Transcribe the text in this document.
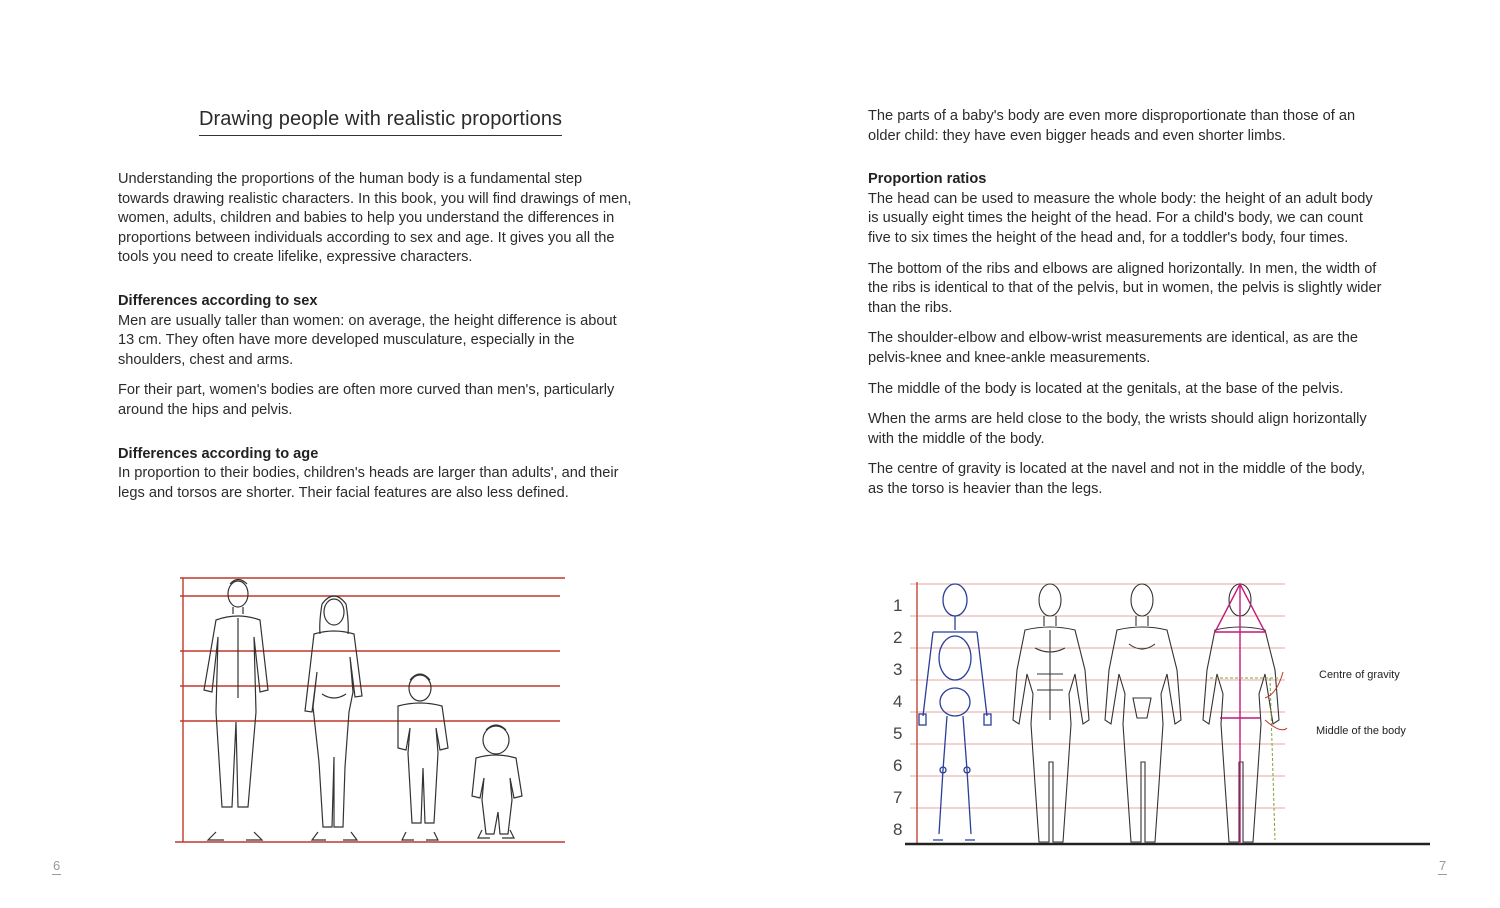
Drawing people with realistic proportions

Understanding the proportions of the human body is a fundamental step towards drawing realistic characters. In this book, you will find drawings of men, women, adults, children and babies to help you understand the differences in proportions between individuals according to sex and age. It gives you all the tools you need to create lifelike, expressive characters.

Differences according to sex

Men are usually taller than women: on average, the height difference is about 13 cm. They often have more developed musculature, especially in the shoulders, chest and arms.

For their part, women's bodies are often more curved than men's, particularly around the hips and pelvis.

Differences according to age

In proportion to their bodies, children's heads are larger than adults', and their legs and torsos are shorter. Their facial features are also less defined.

6

The parts of a baby's body are even more disproportionate than those of an older child: they have even bigger heads and even shorter limbs.

Proportion ratios

The head can be used to measure the whole body: the height of an adult body is usually eight times the height of the head. For a child's body, we can count five to six times the height of the head and, for a toddler's body, four times.

The bottom of the ribs and elbows are aligned horizontally. In men, the width of the ribs is identical to that of the pelvis, but in women, the pelvis is slightly wider than the ribs.

The shoulder-elbow and elbow-wrist measurements are identical, as are the pelvis-knee and knee-ankle measurements.

The middle of the body is located at the genitals, at the base of the pelvis.

When the arms are held close to the body, the wrists should align horizontally with the middle of the body.

The centre of gravity is located at the navel and not in the middle of the body, as the torso is heavier than the legs.

1
2
3
4
5
6
7
8
Centre of gravity
Middle of the body
7
